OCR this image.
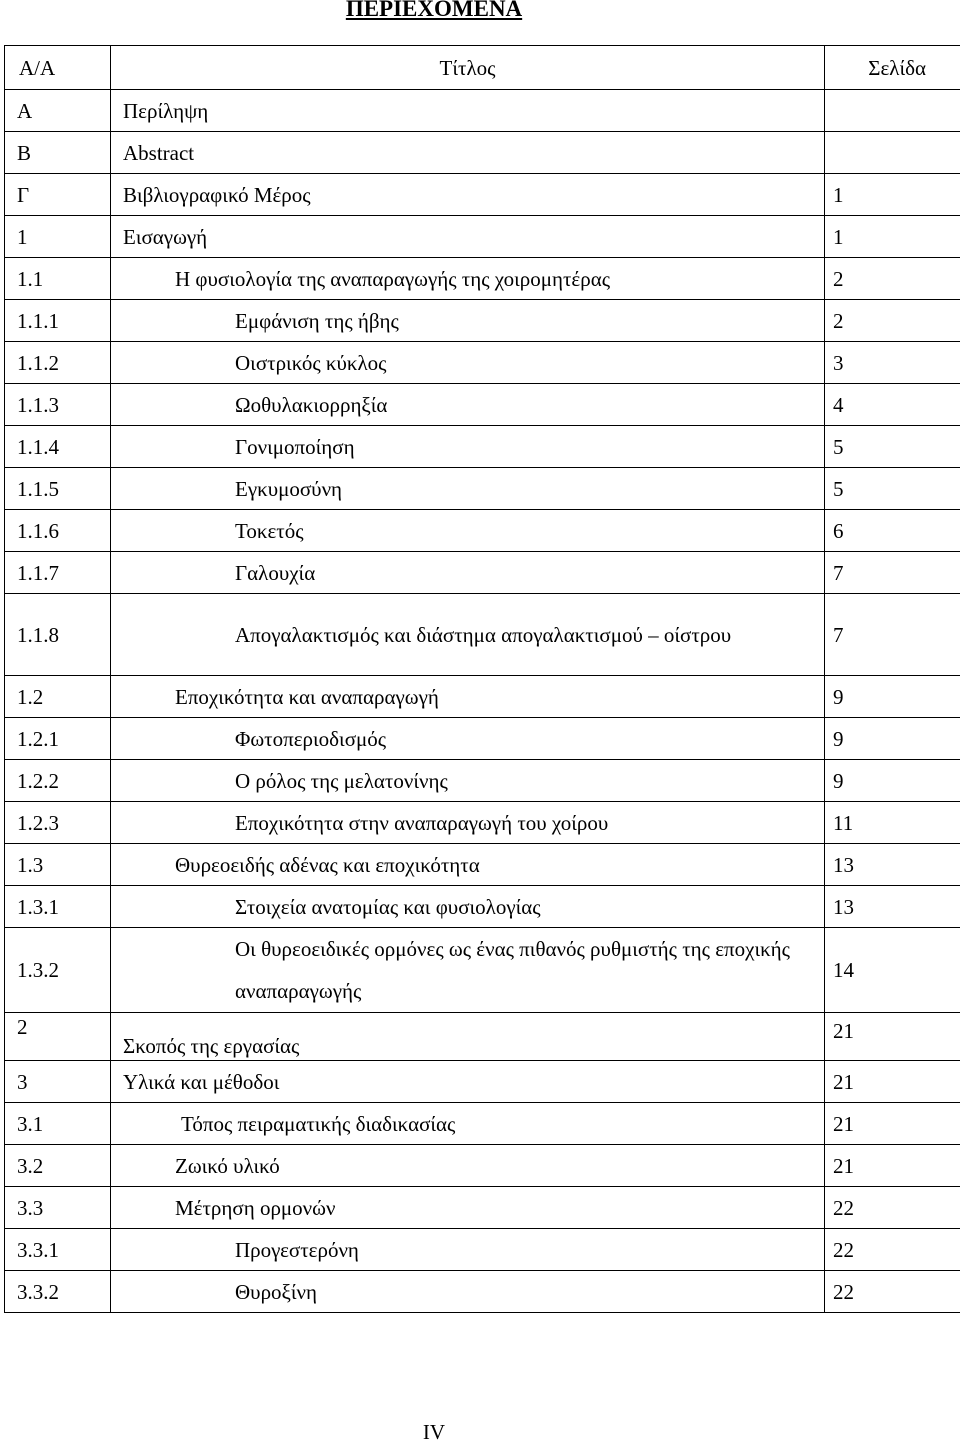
ΠΕΡΙΕΧΟΜΕΝΑ
Α/Α	Τίτλος	Σελίδα
Α	Περίληψη	
Β	Abstract	
Γ	Βιβλιογραφικό Μέρος	1
1	Εισαγωγή	1
1.1	Η φυσιολογία της αναπαραγωγής της χοιρομητέρας	2
1.1.1	Εμφάνιση της ήβης	2
1.1.2	Οιστρικός κύκλος	3
1.1.3	Ωοθυλακιορρηξία	4
1.1.4	Γονιμοποίηση	5
1.1.5	Εγκυμοσύνη	5
1.1.6	Τοκετός	6
1.1.7	Γαλουχία	7
1.1.8	Απογαλακτισμός και διάστημα απογαλακτισμού – οίστρου	7
1.2	Εποχικότητα και αναπαραγωγή	9
1.2.1	Φωτοπεριοδισμός	9
1.2.2	Ο ρόλος της μελατονίνης	9
1.2.3	Εποχικότητα στην αναπαραγωγή του χοίρου	11
1.3	Θυρεοειδής αδένας και εποχικότητα	13
1.3.1	Στοιχεία ανατομίας και φυσιολογίας	13
1.3.2	Οι θυρεοειδικές ορμόνες ως ένας πιθανός ρυθμιστής της εποχικής αναπαραγωγής	14
2	Σκοπός της εργασίας	21
3	Υλικά και μέθοδοι	21
3.1	Τόπος πειραματικής διαδικασίας	21
3.2	Ζωικό υλικό	21
3.3	Μέτρηση ορμονών	22
3.3.1	Προγεστερόνη	22
3.3.2	Θυροξίνη	22
IV
